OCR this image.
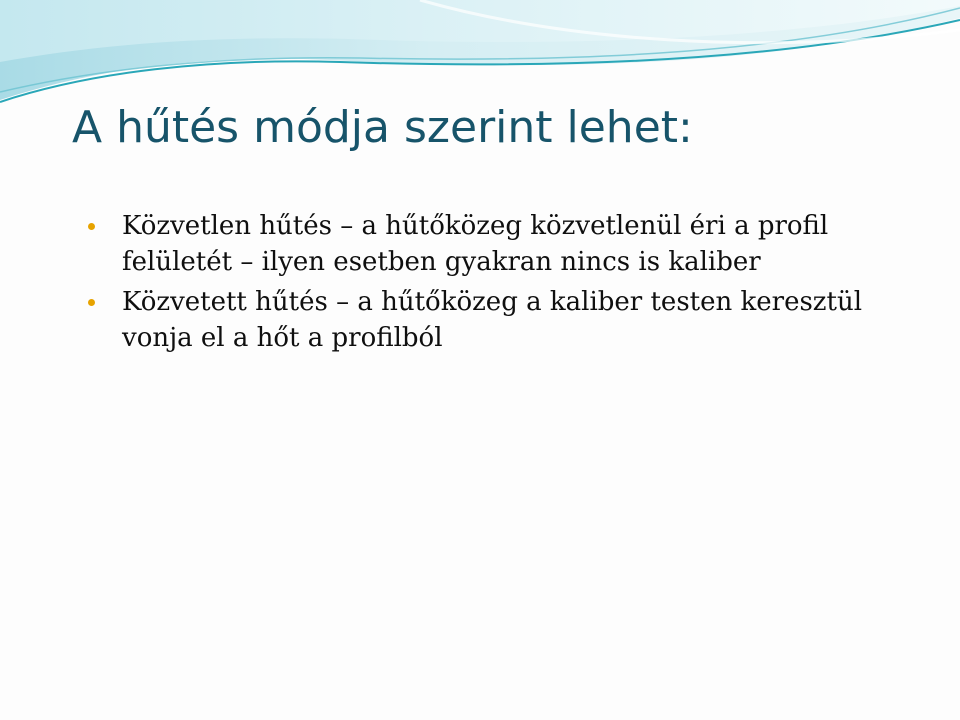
A hűtés módja szerint lehet:
Közvetlen hűtés – a hűtőközeg közvetlenül éri a profil felületét – ilyen esetben gyakran nincs is kaliber
Közvetett hűtés – a hűtőközeg a kaliber testen keresztül vonja el a hőt a profilból
